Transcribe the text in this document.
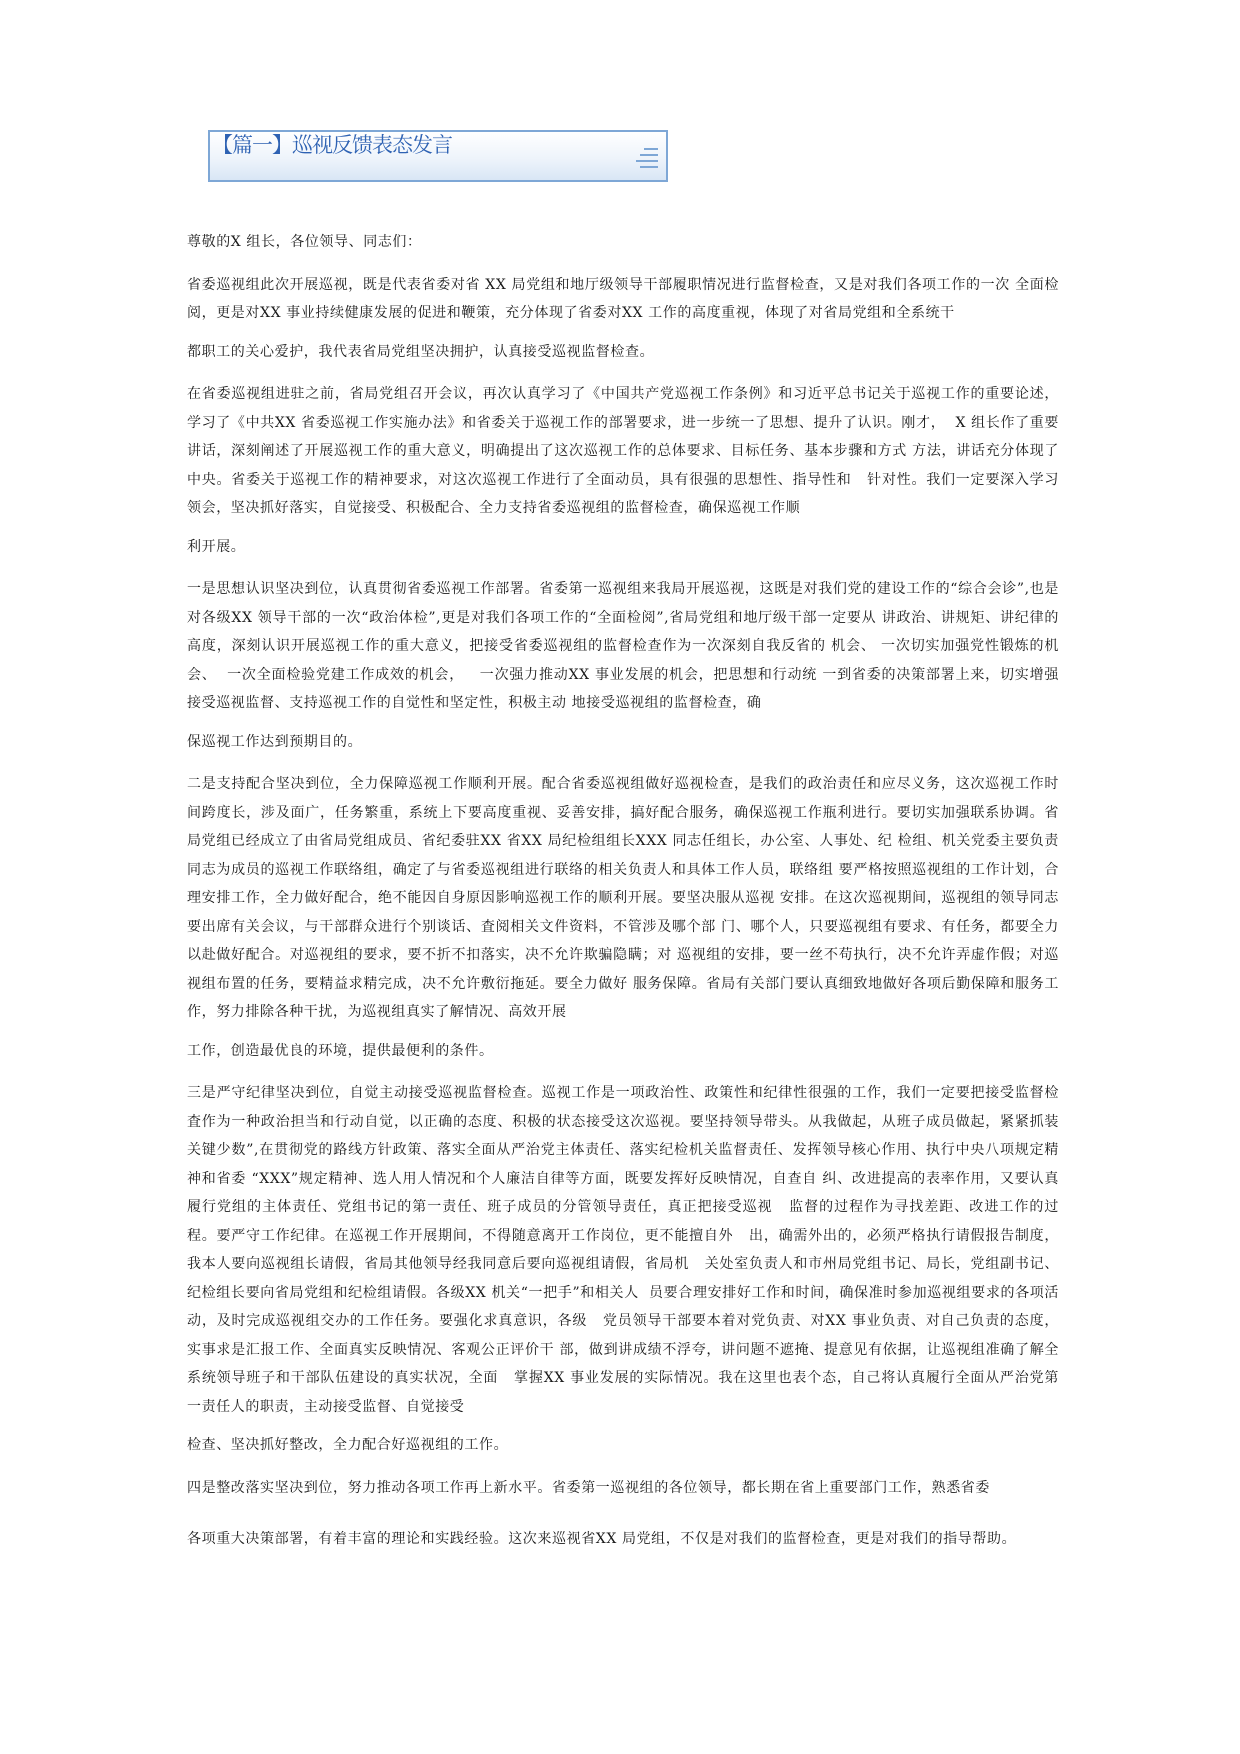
【篇一】巡视反馈表态发言

尊敬的X 组长，各位领导、同志们：

省委巡视组此次开展巡视，既是代表省委对省 XX 局党组和地厅级领导干部履职情况进行监督检查，又是对我们各项工作的一次 全面检阅，更是对XX 事业持续健康发展的促进和鞭策，充分体现了省委对XX 工作的高度重视，体现了对省局党组和全系统干

都职工的关心爱护，我代表省局党组坚决拥护，认真接受巡视监督检查。

在省委巡视组进驻之前，省局党组召开会议，再次认真学习了《中国共产党巡视工作条例》和习近平总书记关于巡视工作的重要论述，学习了《中共XX 省委巡视工作实施办法》和省委关于巡视工作的部署要求，进一步统一了思想、提升了认识。刚才，  X 组长作了重要讲话，深刻阐述了开展巡视工作的重大意义，明确提出了这次巡视工作的总体要求、目标任务、基本步骤和方式 方法，讲话充分体现了中央。省委关于巡视工作的精神要求，对这次巡视工作进行了全面动员，具有很强的思想性、指导性和   针对性。我们一定要深入学习领会，坚决抓好落实，自觉接受、积极配合、全力支持省委巡视组的监督检查，确保巡视工作顺

利开展。

一是思想认识坚决到位，认真贯彻省委巡视工作部署。省委第一巡视组来我局开展巡视，这既是对我们党的建设工作的“综合会诊”,也是对各级XX 领导干部的一次“政治体检”,更是对我们各项工作的“全面检阅”,省局党组和地厅级干部一定要从 讲政治、讲规矩、讲纪律的高度，深刻认识开展巡视工作的重大意义，把接受省委巡视组的监督检查作为一次深刻自我反省的 机会、 一次切实加强党性锻炼的机会、  一次全面检验党建工作成效的机会，   一次强力推动XX 事业发展的机会，把思想和行动统 一到省委的决策部署上来，切实增强接受巡视监督、支持巡视工作的自觉性和坚定性，积极主动 地接受巡视组的监督检查，确

保巡视工作达到预期目的。

二是支持配合坚决到位，全力保障巡视工作顺利开展。配合省委巡视组做好巡视检查，是我们的政治责任和应尽义务，这次巡视工作时间跨度长，涉及面广，任务繁重，系统上下要高度重视、妥善安排，搞好配合服务，确保巡视工作瓶利进行。要切实加强联系协调。省局党组已经成立了由省局党组成员、省纪委驻XX 省XX 局纪检组组长XXX 同志任组长，办公室、人事处、纪 检组、机关党委主要负责同志为成员的巡视工作联络组，确定了与省委巡视组进行联络的相关负责人和具体工作人员，联络组 要严格按照巡视组的工作计划，合理安排工作，全力做好配合，绝不能因自身原因影响巡视工作的顺利开展。要坚决服从巡视 安排。在这次巡视期间，巡视组的领导同志要出席有关会议，与干部群众进行个别谈话、査阅相关文件资料，不管涉及哪个部 门、哪个人，只要巡视组有要求、有任务，都要全力以赴做好配合。对巡视组的要求，要不折不扣落实，决不允许欺骗隐瞒；对 巡视组的安排，要一丝不苟执行，决不允许弄虚作假；对巡视组布置的任务，要精益求精完成，决不允许敷衍拖延。要全力做好 服务保障。省局有关部门要认真细致地做好各项后勤保障和服务工作，努力排除各种干扰，为巡视组真实了解情况、高效开展

工作，创造最优良的环境，提供最便利的条件。

三是严守纪律坚决到位，自觉主动接受巡视监督检查。巡视工作是一项政治性、政策性和纪律性很强的工作，我们一定要把接受监督检査作为一种政治担当和行动自觉，以正确的态度、积极的状态接受这次巡视。要坚持领导带头。从我做起，从班子成员做起，紧紧抓装关键少数”,在贯彻党的路线方针政策、落实全面从严治党主体责任、落实纪检机关监督责任、发挥领导核心作用、执行中央八项规定精神和省委 “XXX”规定精神、选人用人情况和个人廉洁自律等方面，既要发挥好反映情况，自查自 纠、改进提高的表率作用，又要认真履行党组的主体责任、党组书记的第一责任、班子成员的分管领导责任，真正把接受巡视   监督的过程作为寻找差距、改进工作的过程。要严守工作纪律。在巡视工作开展期间，不得随意离开工作岗位，更不能擅自外   出，确需外出的，必须严格执行请假报告制度，我本人要向巡视组长请假，省局其他领导经我同意后要向巡视组请假，省局机   关处室负责人和市州局党组书记、局长，党组副书记、纪检组长要向省局党组和纪检组请假。各级XX 机关“一把手”和相关人  员要合理安排好工作和时间，确保准时参加巡视组要求的各项活动，及时完成巡视组交办的工作任务。要强化求真意识，各级   党员领导干部要本着对党负责、对XX 事业负责、对自己负责的态度，实事求是汇报工作、全面真实反映情况、客观公正评价干 部，做到讲成绩不浮夸，讲问题不遮掩、提意见有依据，让巡视组准确了解全系统领导班子和干部队伍建设的真实状况，全面   掌握XX 事业发展的实际情况。我在这里也表个态，自己将认真履行全面从严治党第一责任人的职责，主动接受监督、自觉接受

检查、坚决抓好整改，全力配合好巡视组的工作。

四是整改落实坚决到位，努力推动各项工作再上新水平。省委第一巡视组的各位领导，都长期在省上重要部门工作，熟悉省委

各项重大决策部署，有着丰富的理论和实践经验。这次来巡视省XX 局党组，不仅是对我们的监督检查，更是对我们的指导帮助。
